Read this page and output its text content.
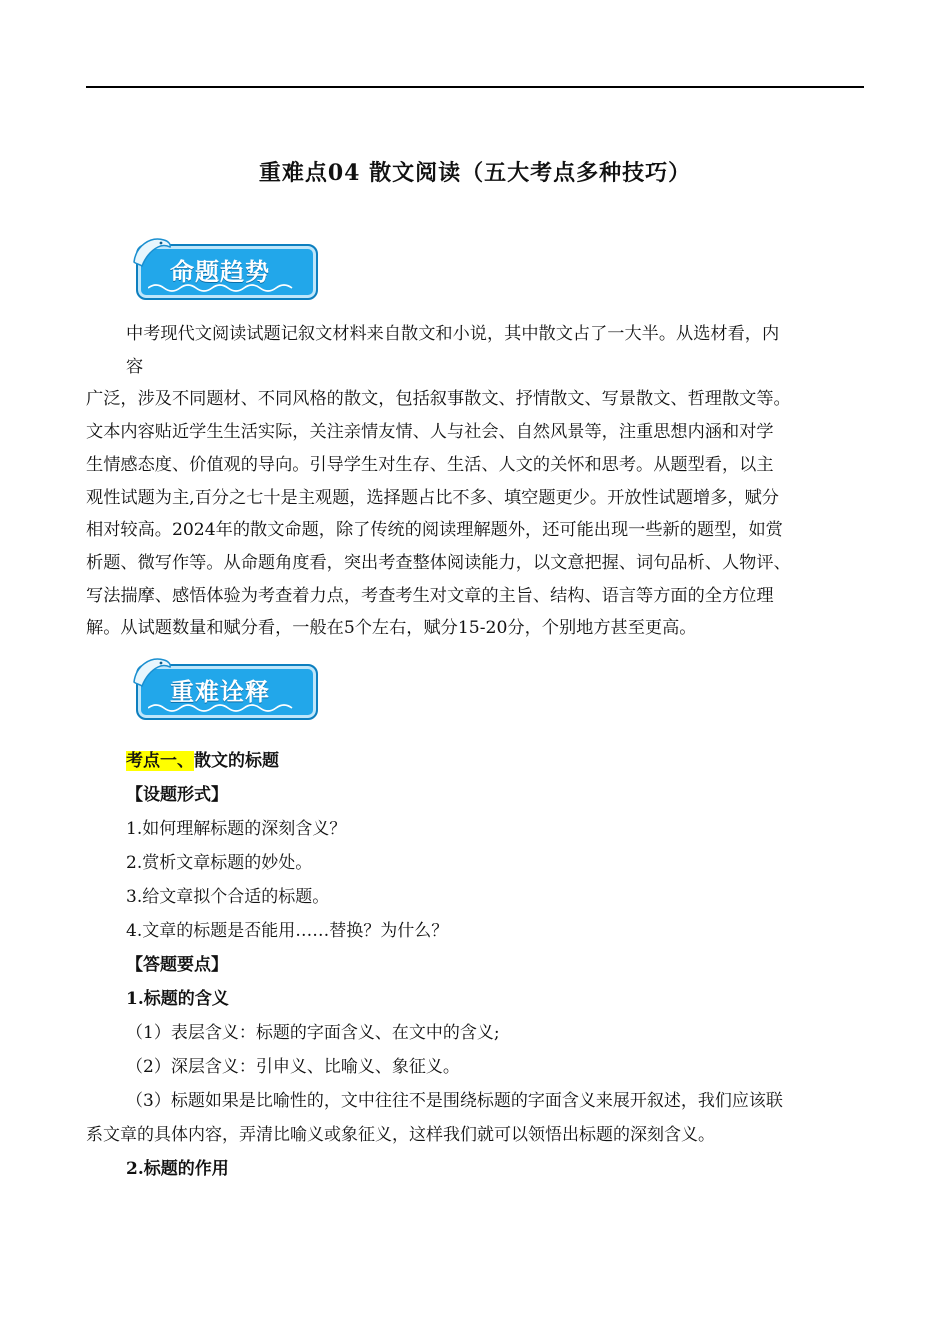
重难点04 散文阅读（五大考点多种技巧）
命题趋势
中考现代文阅读试题记叙文材料来自散文和小说，其中散文占了一大半。从选材看，内
容
广泛，涉及不同题材、不同风格的散文，包括叙事散文、抒情散文、写景散文、哲理散文等。
文本内容贴近学生生活实际，关注亲情友情、人与社会、自然风景等，注重思想内涵和对学
生情感态度、价值观的导向。引导学生对生存、生活、人文的关怀和思考。从题型看，以主
观性试题为主,百分之七十是主观题，选择题占比不多、填空题更少。开放性试题增多，赋分
相对较高。2024年的散文命题，除了传统的阅读理解题外，还可能出现一些新的题型，如赏
析题、微写作等。从命题角度看，突出考查整体阅读能力，以文意把握、词句品析、人物评、
写法揣摩、感悟体验为考查着力点，考查考生对文章的主旨、结构、语言等方面的全方位理
解。从试题数量和赋分看，一般在5个左右，赋分15-20分，个别地方甚至更高。
重难诠释
考点一、散文的标题
【设题形式】
1.如何理解标题的深刻含义？
2.赏析文章标题的妙处。
3.给文章拟个合适的标题。
4.文章的标题是否能用……替换？为什么？
【答题要点】
1.标题的含义
（1）表层含义：标题的字面含义、在文中的含义;
（2）深层含义：引申义、比喻义、象征义。
（3）标题如果是比喻性的，文中往往不是围绕标题的字面含义来展开叙述，我们应该联
系文章的具体内容，弄清比喻义或象征义，这样我们就可以领悟出标题的深刻含义。
2.标题的作用
